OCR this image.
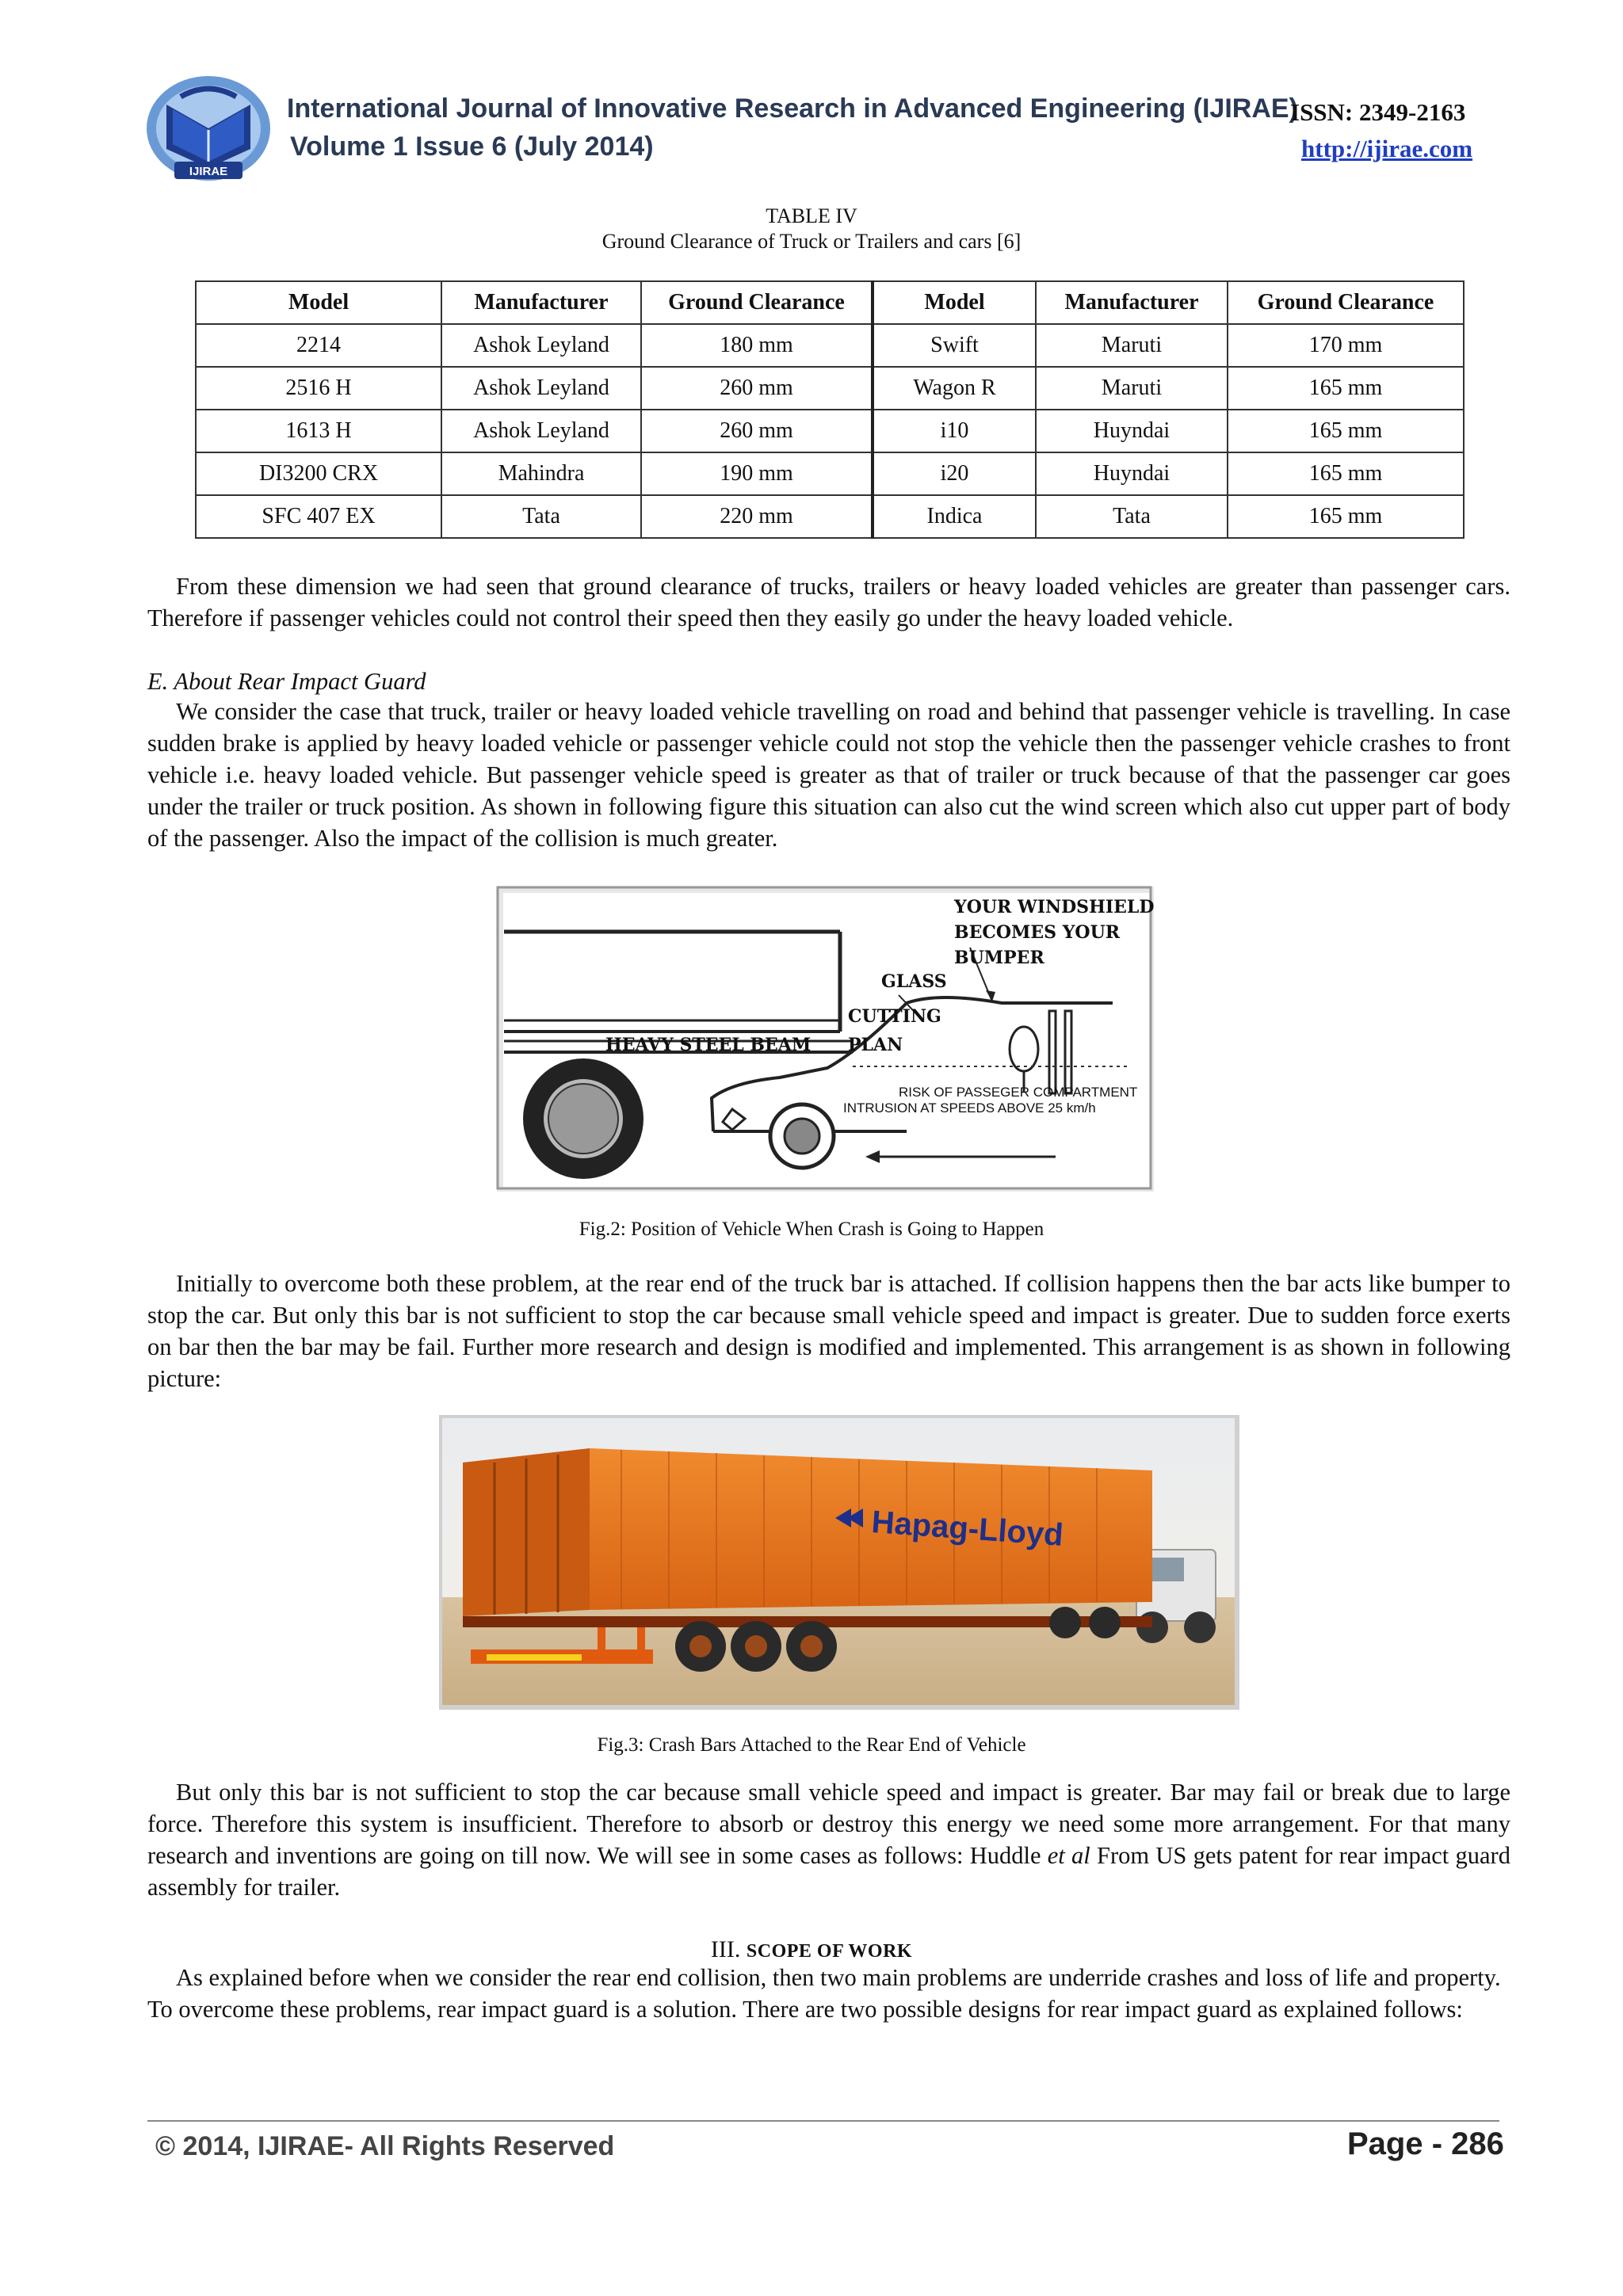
IJIRAE
International Journal of Innovative Research in Advanced Engineering (IJIRAE)
Volume 1 Issue 6 (July 2014)
ISSN: 2349-2163
http://ijirae.com
TABLE IV
Ground Clearance of Truck or Trailers and cars [6]
Model	Manufacturer	Ground Clearance	Model	Manufacturer	Ground Clearance
2214	Ashok Leyland	180 mm	Swift	Maruti	170 mm
2516 H	Ashok Leyland	260 mm	Wagon R	Maruti	165 mm
1613 H	Ashok Leyland	260 mm	i10	Huyndai	165 mm
DI3200 CRX	Mahindra	190 mm	i20	Huyndai	165 mm
SFC 407 EX	Tata	220 mm	Indica	Tata	165 mm

From these dimension we had seen that ground clearance of trucks, trailers or heavy loaded vehicles are greater than passenger cars. Therefore if passenger vehicles could not control their speed then they easily go under the heavy loaded vehicle.

E. About Rear Impact Guard

We consider the case that truck, trailer or heavy loaded vehicle travelling on road and behind that passenger vehicle is travelling. In case sudden brake is applied by heavy loaded vehicle or passenger vehicle could not stop the vehicle then the passenger vehicle crashes to front vehicle i.e. heavy loaded vehicle. But passenger vehicle speed is greater as that of trailer or truck because of that the passenger car goes under the trailer or truck position. As shown in following figure this situation can also cut the wind screen which also cut upper part of body of the passenger. Also the impact of the collision is much greater.

YOUR WINDSHIELD
BECOMES YOUR
BUMPER
GLASS
CUTTING
PLAN
HEAVY STEEL BEAM
RISK OF PASSEGER COMPARTMENT
INTRUSION AT SPEEDS ABOVE 25 km/h
Fig.2: Position of Vehicle When Crash is Going to Happen

Initially to overcome both these problem, at the rear end of the truck bar is attached. If collision happens then the bar acts like bumper to stop the car. But only this bar is not sufficient to stop the car because small vehicle speed and impact is greater. Due to sudden force exerts on bar then the bar may be fail. Further more research and design is modified and implemented. This arrangement is as shown in following picture:

Hapag-Lloyd
Fig.3: Crash Bars Attached to the Rear End of Vehicle

But only this bar is not sufficient to stop the car because small vehicle speed and impact is greater. Bar may fail or break due to large force. Therefore this system is insufficient. Therefore to absorb or destroy this energy we need some more arrangement. For that many research and inventions are going on till now. We will see in some cases as follows: Huddle et al From US gets patent for rear impact guard assembly for trailer.

III. SCOPE OF WORK

As explained before when we consider the rear end collision, then two main problems are underride crashes and loss of life and property. To overcome these problems, rear impact guard is a solution. There are two possible designs for rear impact guard as explained follows:

© 2014, IJIRAE- All Rights Reserved	Page - 286
